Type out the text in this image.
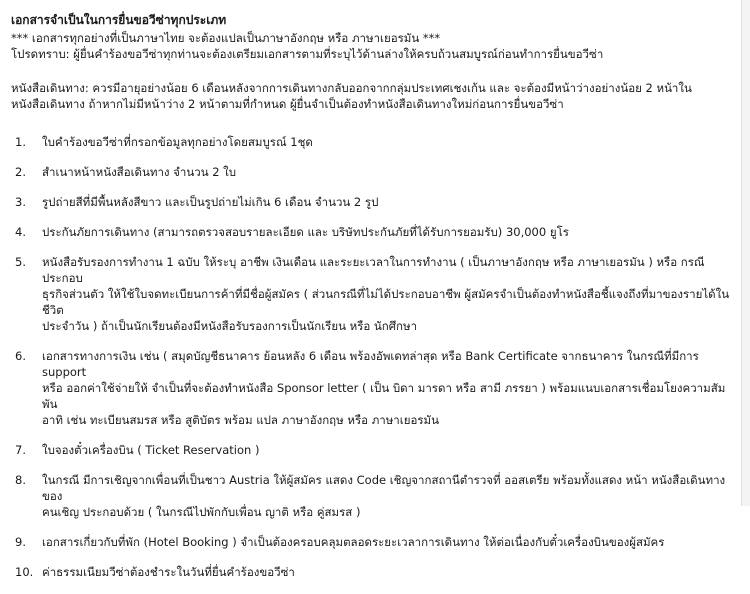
เอกสารจำเป็นในการยื่นขอวีซ่าทุกประเภท
*** เอกสารทุกอย่างที่เป็นภาษาไทย จะต้องแปลเป็นภาษาอังกฤษ หรือ ภาษาเยอรมัน ***
โปรดทราบ: ผู้ยื่นคำร้องขอวีซ่าทุกท่านจะต้องเตรียมเอกสารตามที่ระบุไว้ด้านล่างให้ครบถ้วนสมบูรณ์ก่อนทำการยื่นขอวีซ่า
หนังสือเดินทาง: ควรมีอายุอย่างน้อย 6 เดือนหลังจากการเดินทางกลับออกจากกลุ่มประเทศเชงเก้น และ จะต้องมีหน้าว่างอย่างน้อย 2 หน้าใน
หนังสือเดินทาง ถ้าหากไม่มีหน้าว่าง 2 หน้าตามที่กำหนด ผู้ยื่นจำเป็นต้องทำหนังสือเดินทางใหม่ก่อนการยื่นขอวีซ่า
1.	ใบคำร้องขอวีซ่าที่กรอกข้อมูลทุกอย่างโดยสมบูรณ์ 1ชุด
2.	สำเนาหน้าหนังสือเดินทาง จำนวน 2 ใบ
3.	รูปถ่ายสีที่มีพื้นหลังสีขาว และเป็นรูปถ่ายไม่เกิน 6 เดือน จำนวน 2 รูป
4.	ประกันภัยการเดินทาง (สามารถตรวจสอบรายละเอียด และ บริษัทประกันภัยที่ได้รับการยอมรับ) 30,000 ยูโร
5.	หนังสือรับรองการทำงาน 1 ฉบับ ให้ระบุ อาชีพ เงินเดือน และระยะเวลาในการทำงาน ( เป็นภาษาอังกฤษ หรือ ภาษาเยอรมัน ) หรือ กรณีประกอบ
ธุรกิจส่วนตัว ให้ใช้ใบจดทะเบียนการค้าที่มีชื่อผู้สมัคร ( ส่วนกรณีที่ไม่ได้ประกอบอาชีพ ผู้สมัครจำเป็นต้องทำหนังสือชี้แจงถึงที่มาของรายได้ในชีวิต
ประจำวัน ) ถ้าเป็นนักเรียนต้องมีหนังสือรับรองการเป็นนักเรียน หรือ นักศึกษา
6.	เอกสารทางการเงิน เช่น ( สมุดบัญชีธนาคาร ย้อนหลัง 6 เดือน พร้องอัพเดทล่าสุด หรือ Bank Certificate จากธนาคาร ในกรณีที่มีการ support
หรือ ออกค่าใช้จ่ายให้ จำเป็นที่จะต้องทำหนังสือ Sponsor letter ( เป็น บิดา มารดา หรือ สามี ภรรยา ) พร้อมแนบเอกสารเชื่อมโยงความสัมพัน
อาทิ เช่น ทะเบียนสมรส หรือ สูติบัตร พร้อม แปล ภาษาอังกฤษ หรือ ภาษาเยอรมัน
7.	ใบจองตั๋วเครื่องบิน ( Ticket Reservation )
8.	ในกรณี มีการเชิญจากเพื่อนที่เป็นชาว Austria ให้ผู้สมัคร แสดง Code เชิญจากสถานีตำรวจที่ ออสเตรีย พร้อมทั้งแสดง หน้า หนังสือเดินทางของ
คนเชิญ ประกอบด้วย ( ในกรณีไปพักกับเพื่อน ญาติ หรือ คู่สมรส )
9.	เอกสารเกี่ยวกับที่พัก (Hotel Booking ) จำเป็นต้องครอบคลุมตลอดระยะเวลาการเดินทาง ให้ต่อเนื่องกับตั๋วเครื่องบินของผู้สมัคร
10. ค่าธรรมเนียมวีซ่าต้องชำระในวันที่ยื่นคำร้องขอวีซ่า
